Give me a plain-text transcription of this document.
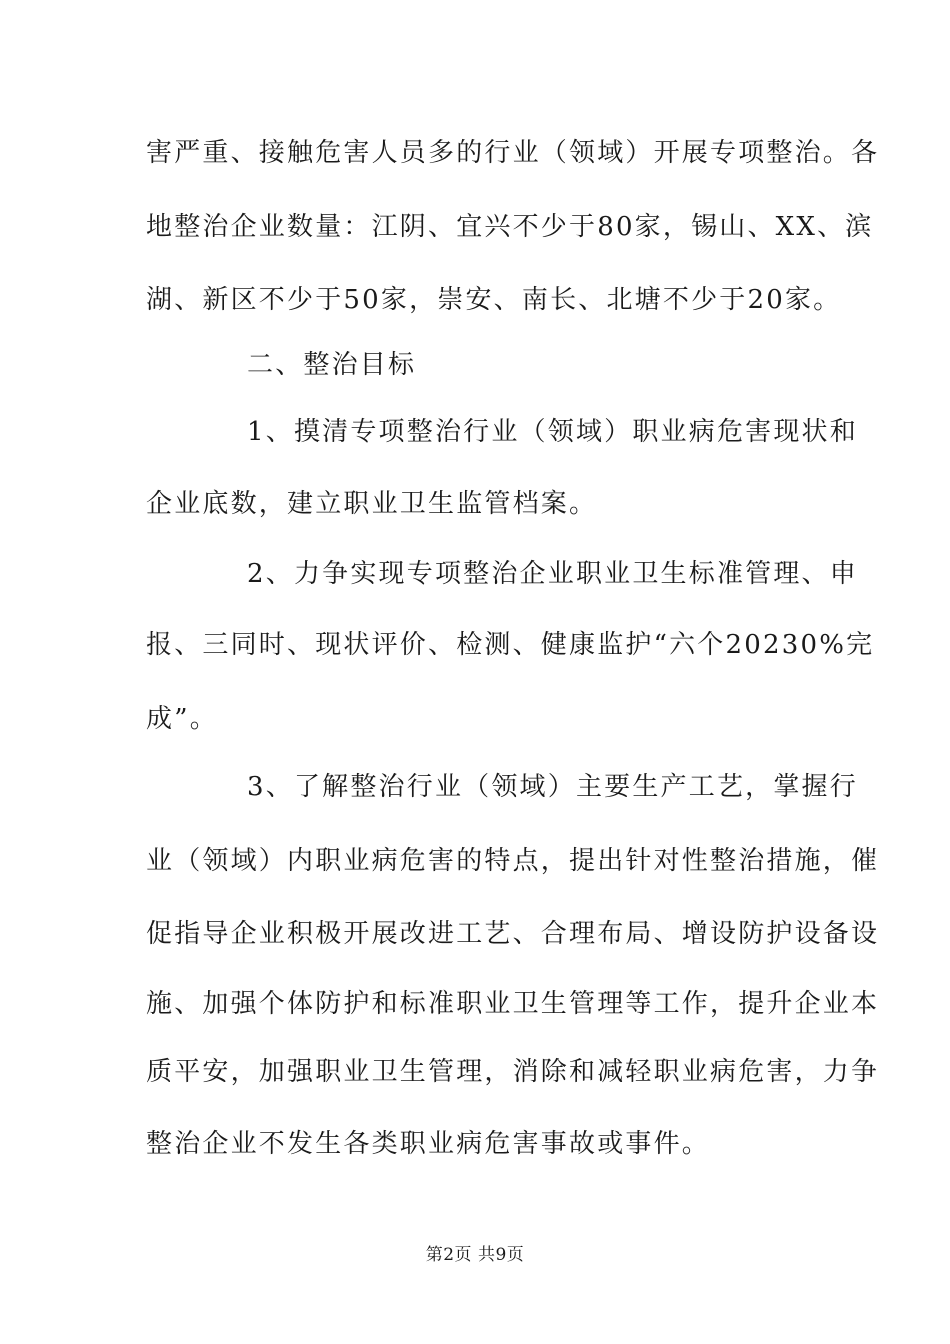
害严重、接触危害人员多的行业（领域）开展专项整治。各
地整治企业数量：江阴、宜兴不少于80家，锡山、XX、滨
湖、新区不少于50家，崇安、南长、北塘不少于20家。
二、整治目标
1、摸清专项整治行业（领域）职业病危害现状和
企业底数，建立职业卫生监管档案。
2、力争实现专项整治企业职业卫生标准管理、申
报、三同时、现状评价、检测、健康监护“六个20230%完
成”。
3、了解整治行业（领域）主要生产工艺，掌握行
业（领域）内职业病危害的特点，提出针对性整治措施，催
促指导企业积极开展改进工艺、合理布局、增设防护设备设
施、加强个体防护和标准职业卫生管理等工作，提升企业本
质平安，加强职业卫生管理，消除和减轻职业病危害，力争
整治企业不发生各类职业病危害事故或事件。
第2页 共9页
